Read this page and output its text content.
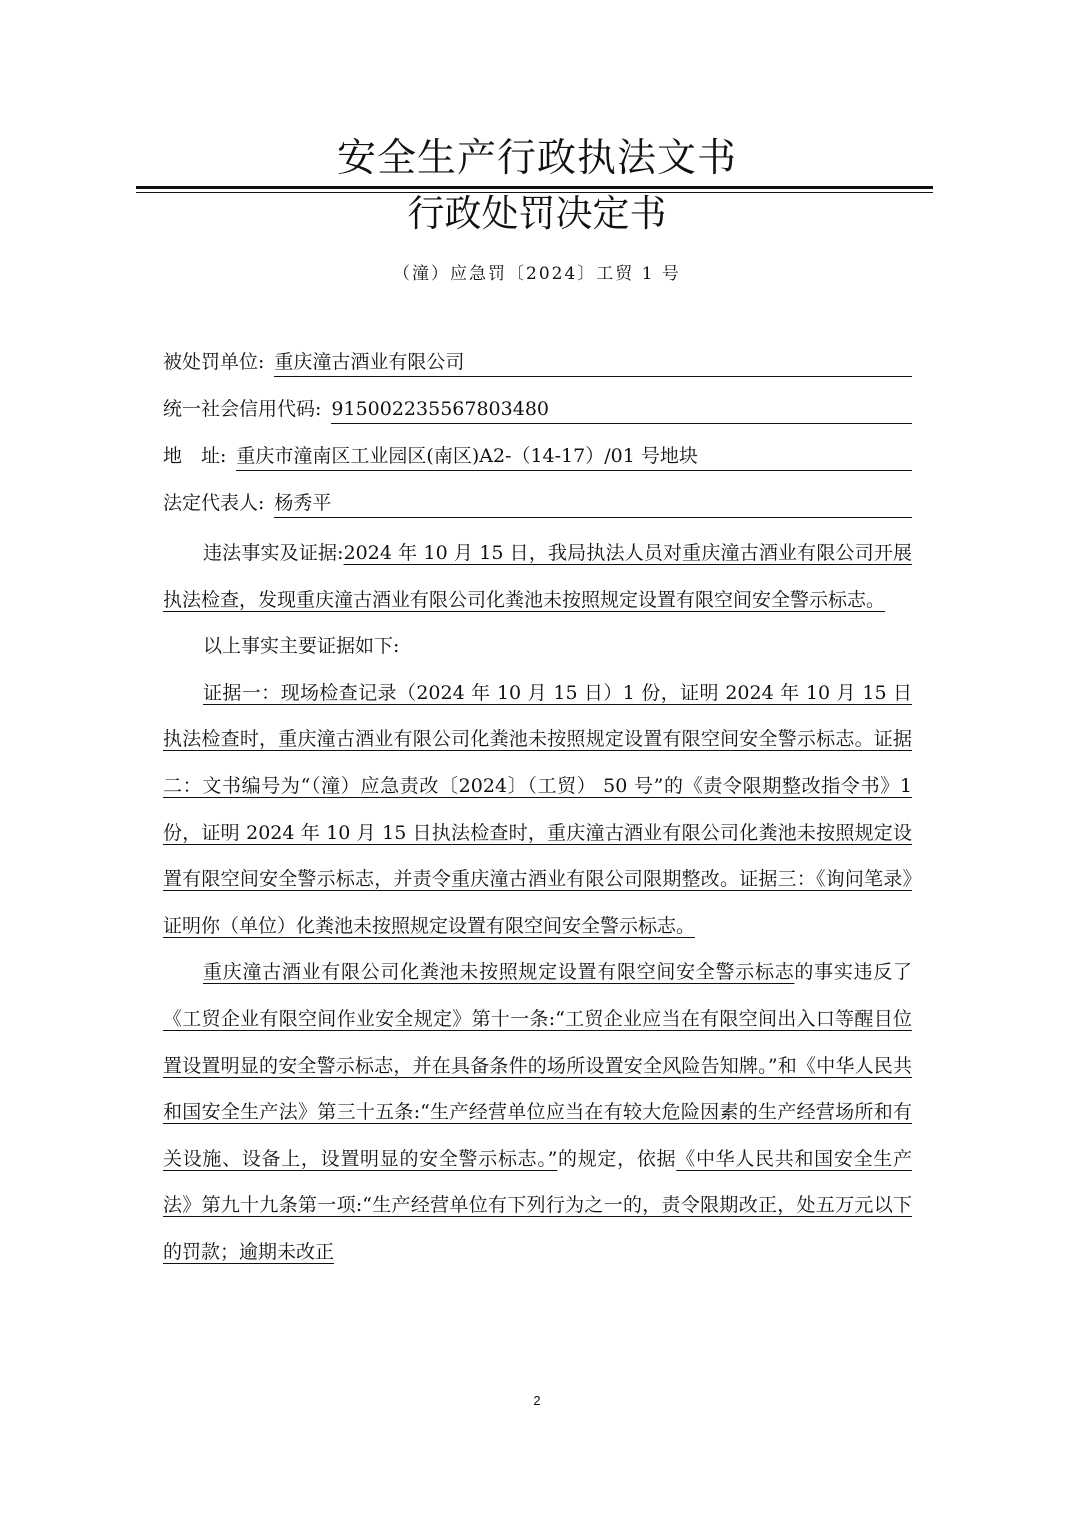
安全生产行政执法文书
行政处罚决定书
（潼）应急罚〔2024〕工贸 1 号
被处罚单位: 重庆潼古酒业有限公司
统一社会信用代码: 915002235567803480
地　址: 重庆市潼南区工业园区(南区)A2-（14-17）/01 号地块
法定代表人: 杨秀平

违法事实及证据:2024 年 10 月 15 日，我局执法人员对重庆潼古酒业有限公司开展执法检查，发现重庆潼古酒业有限公司化粪池未按照规定设置有限空间安全警示标志。

以上事实主要证据如下:

证据一：现场检查记录（2024 年 10 月 15 日）1 份，证明 2024 年 10 月 15 日执法检查时，重庆潼古酒业有限公司化粪池未按照规定设置有限空间安全警示标志。证据二：文书编号为“（潼）应急责改〔2024〕（工贸） 50 号”的《责令限期整改指令书》1 份，证明 2024 年 10 月 15 日执法检查时，重庆潼古酒业有限公司化粪池未按照规定设置有限空间安全警示标志，并责令重庆潼古酒业有限公司限期整改。证据三：《询问笔录》证明你（单位）化粪池未按照规定设置有限空间安全警示标志。

重庆潼古酒业有限公司化粪池未按照规定设置有限空间安全警示标志的事实违反了《工贸企业有限空间作业安全规定》第十一条:“工贸企业应当在有限空间出入口等醒目位置设置明显的安全警示标志，并在具备条件的场所设置安全风险告知牌。”和《中华人民共和国安全生产法》第三十五条:“生产经营单位应当在有较大危险因素的生产经营场所和有关设施、设备上，设置明显的安全警示标志。”的规定，依据《中华人民共和国安全生产法》第九十九条第一项:“生产经营单位有下列行为之一的，责令限期改正，处五万元以下的罚款；逾期未改正

2
